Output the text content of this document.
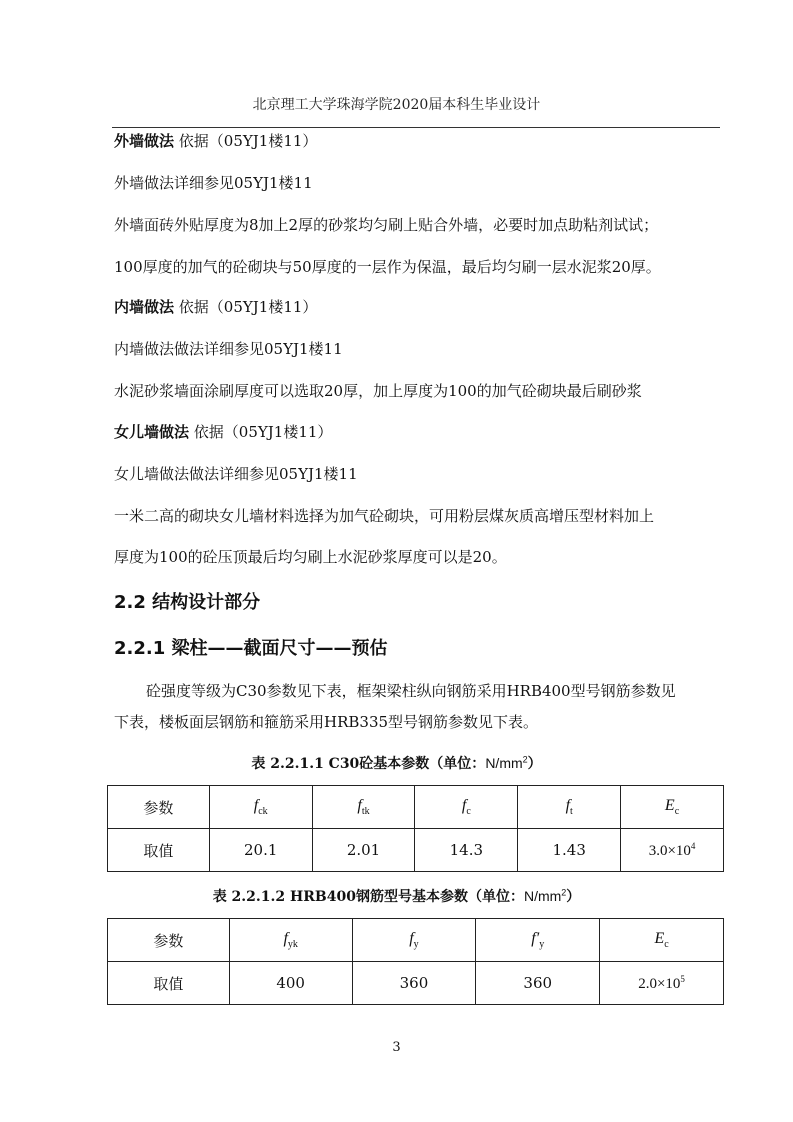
北京理工大学珠海学院2020届本科生毕业设计
外墙做法 依据（05YJ1楼11）
外墙做法详细参见05YJ1楼11
外墙面砖外贴厚度为8加上2厚的砂浆均匀刷上贴合外墙，必要时加点助粘剂试试；
100厚度的加气的砼砌块与50厚度的一层作为保温，最后均匀刷一层水泥浆20厚。
内墙做法 依据（05YJ1楼11）
内墙做法做法详细参见05YJ1楼11
水泥砂浆墙面涂刷厚度可以选取20厚，加上厚度为100的加气砼砌块最后刷砂浆
女儿墙做法 依据（05YJ1楼11）
女儿墙做法做法详细参见05YJ1楼11
一米二高的砌块女儿墙材料选择为加气砼砌块，可用粉层煤灰质高增压型材料加上
厚度为100的砼压顶最后均匀刷上水泥砂浆厚度可以是20。
2.2 结构设计部分
2.2.1 梁柱——截面尺寸——预估
砼强度等级为C30参数见下表，框架梁柱纵向钢筋采用HRB400型号钢筋参数见
下表，楼板面层钢筋和箍筋采用HRB335型号钢筋参数见下表。
表 2.2.1.1 C30砼基本参数（单位：$N/mm^2$）
参数	$f_{ck}$	$f_{tk}$	$f_c$	$f_t$	$E_c$
取值	20.1	2.01	14.3	1.43	$3.0\times 10^4$
表 2.2.1.2 HRB400钢筋型号基本参数（单位：$N/mm^2$）
参数	$f_{yk}$	$f_y$	$f'_y$	$E_c$
取值	400	360	360	$2.0\times 10^5$
3
